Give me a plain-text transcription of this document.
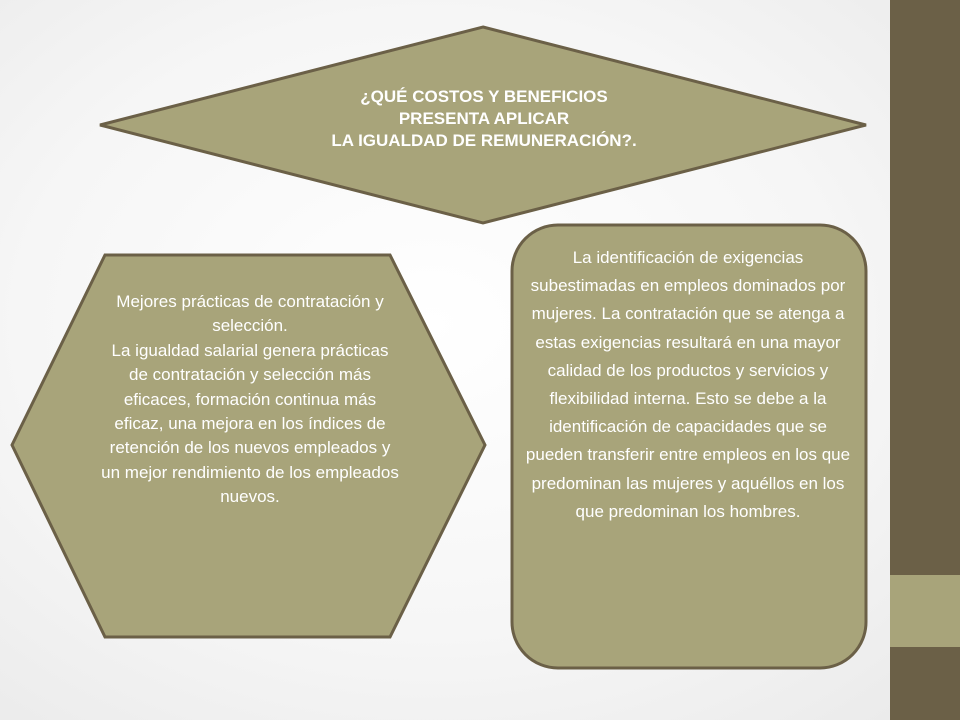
¿QUÉ COSTOS Y BENEFICIOS
PRESENTA APLICAR
LA IGUALDAD DE REMUNERACIÓN?.

Mejores prácticas de contratación y selección.

La igualdad salarial genera prácticas de contratación y selección más eficaces, formación continua más eficaz, una mejora en los índices de retención de los nuevos empleados y un mejor rendimiento de los empleados nuevos.

La identificación de exigencias subestimadas en empleos dominados por mujeres. La contratación que se atenga a estas exigencias resultará en una mayor calidad de los productos y servicios y flexibilidad interna. Esto se debe a la identificación de capacidades que se pueden transferir entre empleos en los que predominan las mujeres y aquéllos en los que predominan los hombres.
